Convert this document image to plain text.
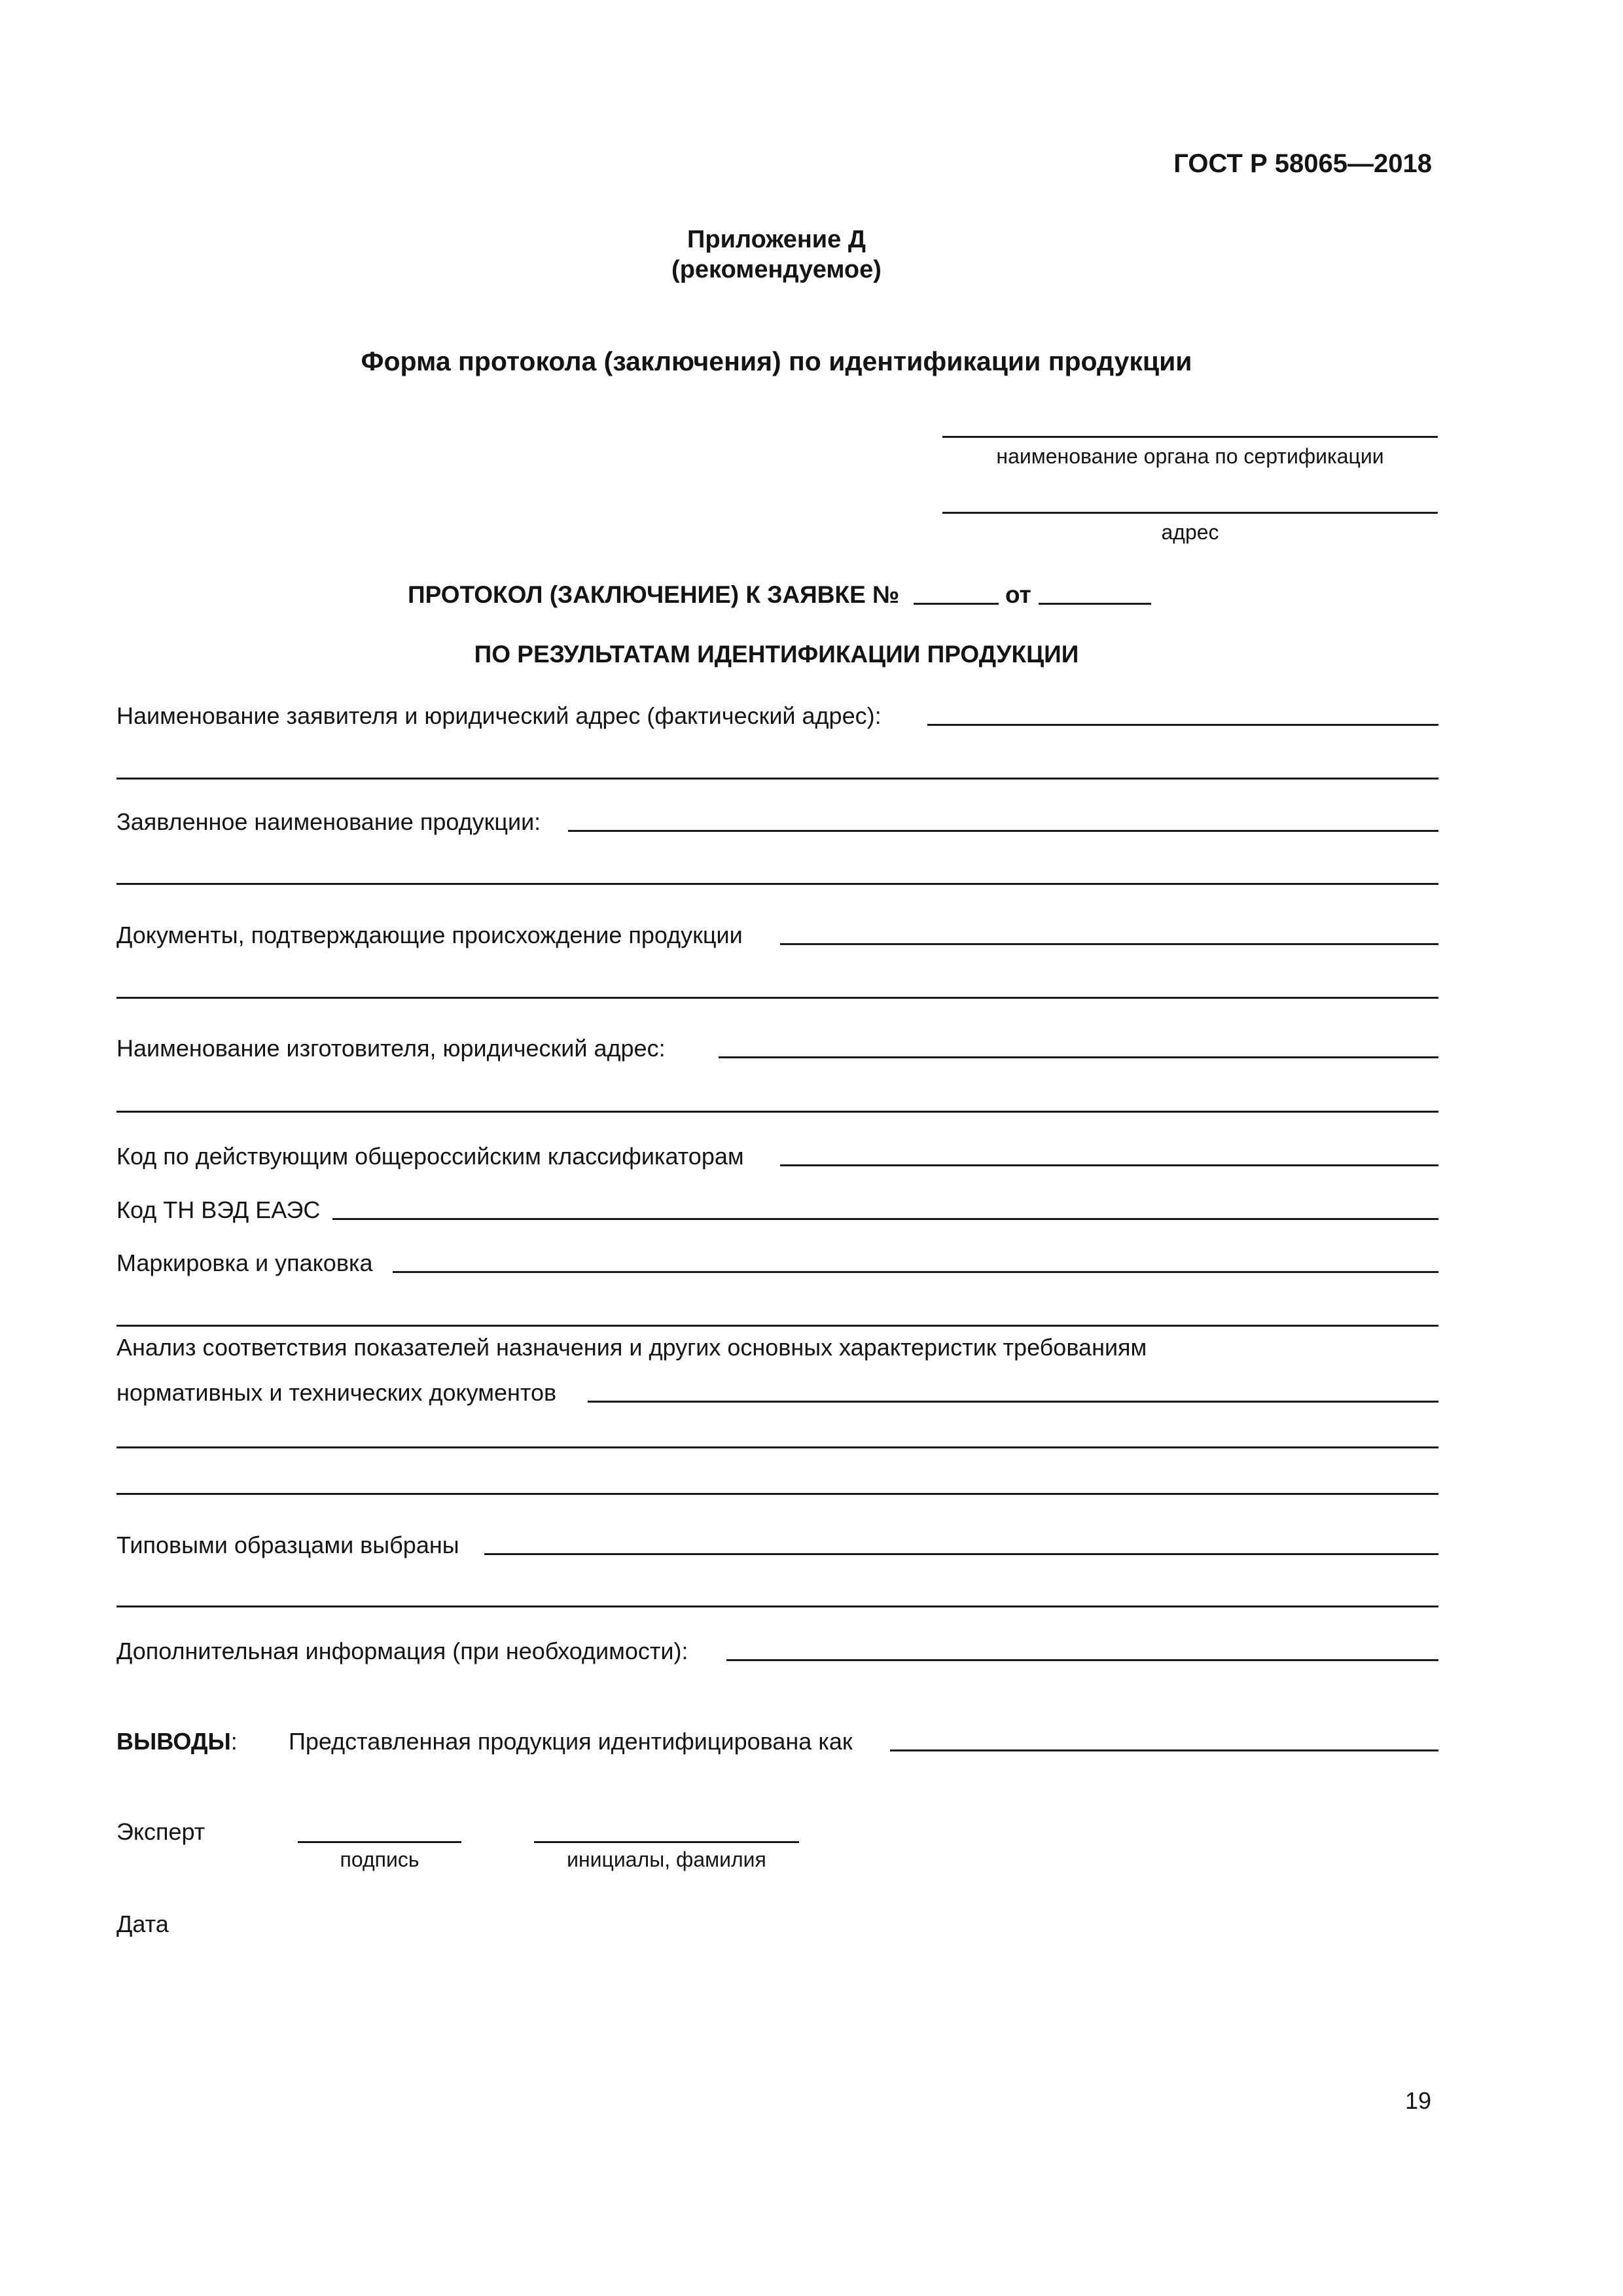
ГОСТ Р 58065—2018
Приложение Д
(рекомендуемое)
Форма протокола (заключения) по идентификации продукции
наименование органа по сертификации
адрес
ПРОТОКОЛ (ЗАКЛЮЧЕНИЕ) К ЗАЯВКЕ №	от
ПО РЕЗУЛЬТАТАМ ИДЕНТИФИКАЦИИ ПРОДУКЦИИ
Наименование заявителя и юридический адрес (фактический адрес):
Заявленное наименование продукции:
Документы, подтверждающие происхождение продукции
Наименование изготовителя, юридический адрес:
Код по действующим общероссийским классификаторам
Код ТН ВЭД ЕАЭС
Маркировка и упаковка
Анализ соответствия показателей назначения и других основных характеристик требованиям
нормативных и технических документов
Типовыми образцами выбраны
Дополнительная информация (при необходимости):
ВЫВОДЫ: Представленная продукция идентифицирована как
Эксперт
подпись	инициалы, фамилия
Дата
19
